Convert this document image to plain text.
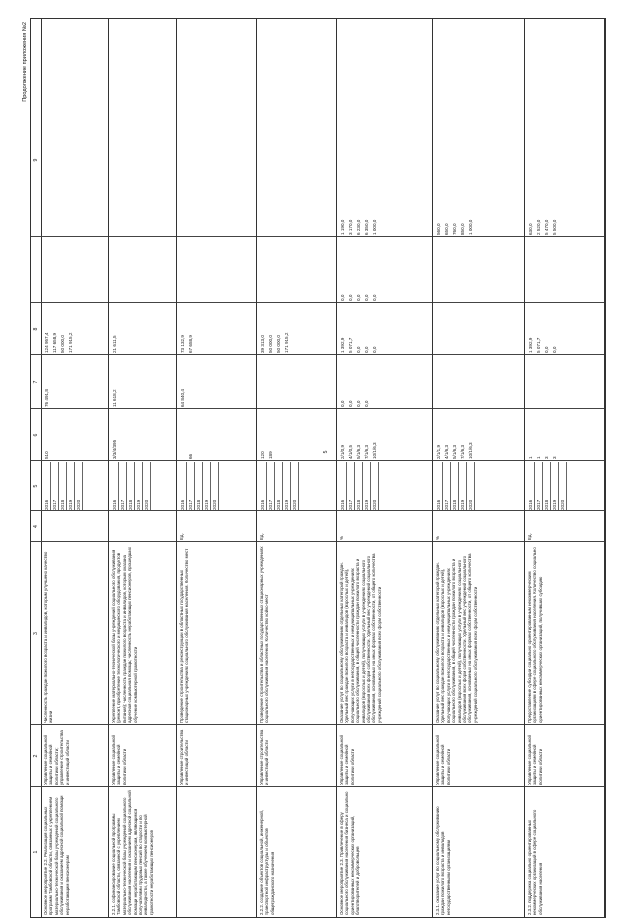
5
Продолжение приложения №2
1
2
3
4
5
6
7
8
9
Основное мероприятие 2.2. Реализация социальных программ Тамбовской области, связанных с укреплением материально-технической базы учреждений социального обслуживания и оказанием адресной социальной помощи неработающим пенсионерам
Управление социальной защиты и семейной политики области; управление строительства и инвестиций области
Численность граждан пожилого возраста и инвалидов, которым улучшено качество жизни
2016
510
76 491,8
124 957,4
2017
117 658,9
2018
50 000,0
2019
171 915,2
2020
2.2.1. софинансирование социальной программы Тамбовской области, связанной с укреплением материально-технической базы учреждений социального обслуживания населения и оказанием адресной социальной помощи неработающим пенсионерам, являющимся получателями трудовых пенсий по старости и по инвалидности, а также обучением компьютерной грамотности неработающих пенсионеров
Управление социальной защиты и семейной политики области
Укрепление материально-технической базы учреждений социального обслуживания (ремонт, приобретение технологического и медицинского оборудования, продуктов питания); численность граждан пожилого возраста и инвалидов, которым оказана адресная социальная помощь; численность неработающих пенсионеров, прошедших обучение компьютерной грамотности
2016
3/3/4/395
11 618,2
21 611,5
2017 2018 2019 2020
Управление строительства и инвестиций области
Проведение строительства и реконструкции в областных государственных стационарных учреждениях социального обслуживания населения. Количество мест
Ед.
2016
64 840,4
73 132,9
2017
66
67 658,9
2018 2019 2020
2.2.2. создание объектов социальной, инженерной, транспортной инфраструктуры и объектов общегражданского назначения
Управление строительства и инвестиций области
Проведение строительства в областных государственных стационарных учреждениях социального обслуживания населения. Количество койко-мест
Ед.
2016
120
39 313,0
2017
189
50 000,0
2018
50 000,0
2019
171 915,2
2020
Основное мероприятие 2.3. Привлечение в сферу социального обслуживания населения бизнеса и социально ориентированных некоммерческих организаций, благотворителей и добровольцев
Управление социальной защиты и семейной политики области
Оказание услуг по социальному обслуживанию отдельных категорий граждан. Удельный вес граждан пожилого возраста и инвалидов (взрослых и детей), получающих услуги в негосударственных и немуниципальных учреждениях социального обслуживания, в общей численности граждан пожилого возраста и инвалидов (взрослых и детей), получающих услуги в учреждениях социального обслуживания всех форм собственности. Удельный вес учреждений социального обслуживания, основанных на иных формах собственности, от общего количества учреждений социального обслуживания всех форм собственности
%
2016
2/1/0,9
0,0
1 392,9
0,0
1 190,0
2017
4/1/0,5
0,0
5 071,7
0,0
3 170,0
2018
5/1/6,3
0,0
0,0
0,0
6 230,0
2019
7/1/6,3
0,0
0,0
0,0
6 350,0
2020
10/1/6,3
0,0
0,0
1 000,0
2.3.1. оказание услуг по социальному обслуживанию граждан пожилого возраста и инвалидов негосударственными организациями
Управление социальной защиты и семейной политики области
Оказание услуг по социальному обслуживанию отдельных категорий граждан. Удельный вес граждан пожилого возраста и инвалидов (взрослых и детей), получающих услуги в негосударственных и немуниципальных учреждениях социального обслуживания, в общей численности граждан пожилого возраста и инвалидов (взрослых и детей), получающих услуги в учреждениях социального обслуживания всех форм собственности. Удельный вес учреждений социального обслуживания, основанных на иных формах собственности, от общего количества учреждений социального обслуживания всех форм собственности
%
2016
2/1/1,9
560,0
2017
4/1/6,3
650,0
2018
5/1/6,3
760,0
2019
7/1/6,3
850,0
2020
10/1/6,3
1 000,0
2.3.2. поддержка социально ориентированных некоммерческих организаций в сфере социального обслуживания населения
Управление социальной защиты и семейной политики области
Предоставление субсидии социально ориентированным некоммерческим организациям в сфере социального обслуживания населения. Количество социально ориентированных некоммерческих организаций, получивших субсидию
Ед.
2016
1
1 392,9
630,0
2017
1
5 071,7
2 520,0
2018
3
0,0
5 470,0
2019
3
0,0
5 500,0
2020
